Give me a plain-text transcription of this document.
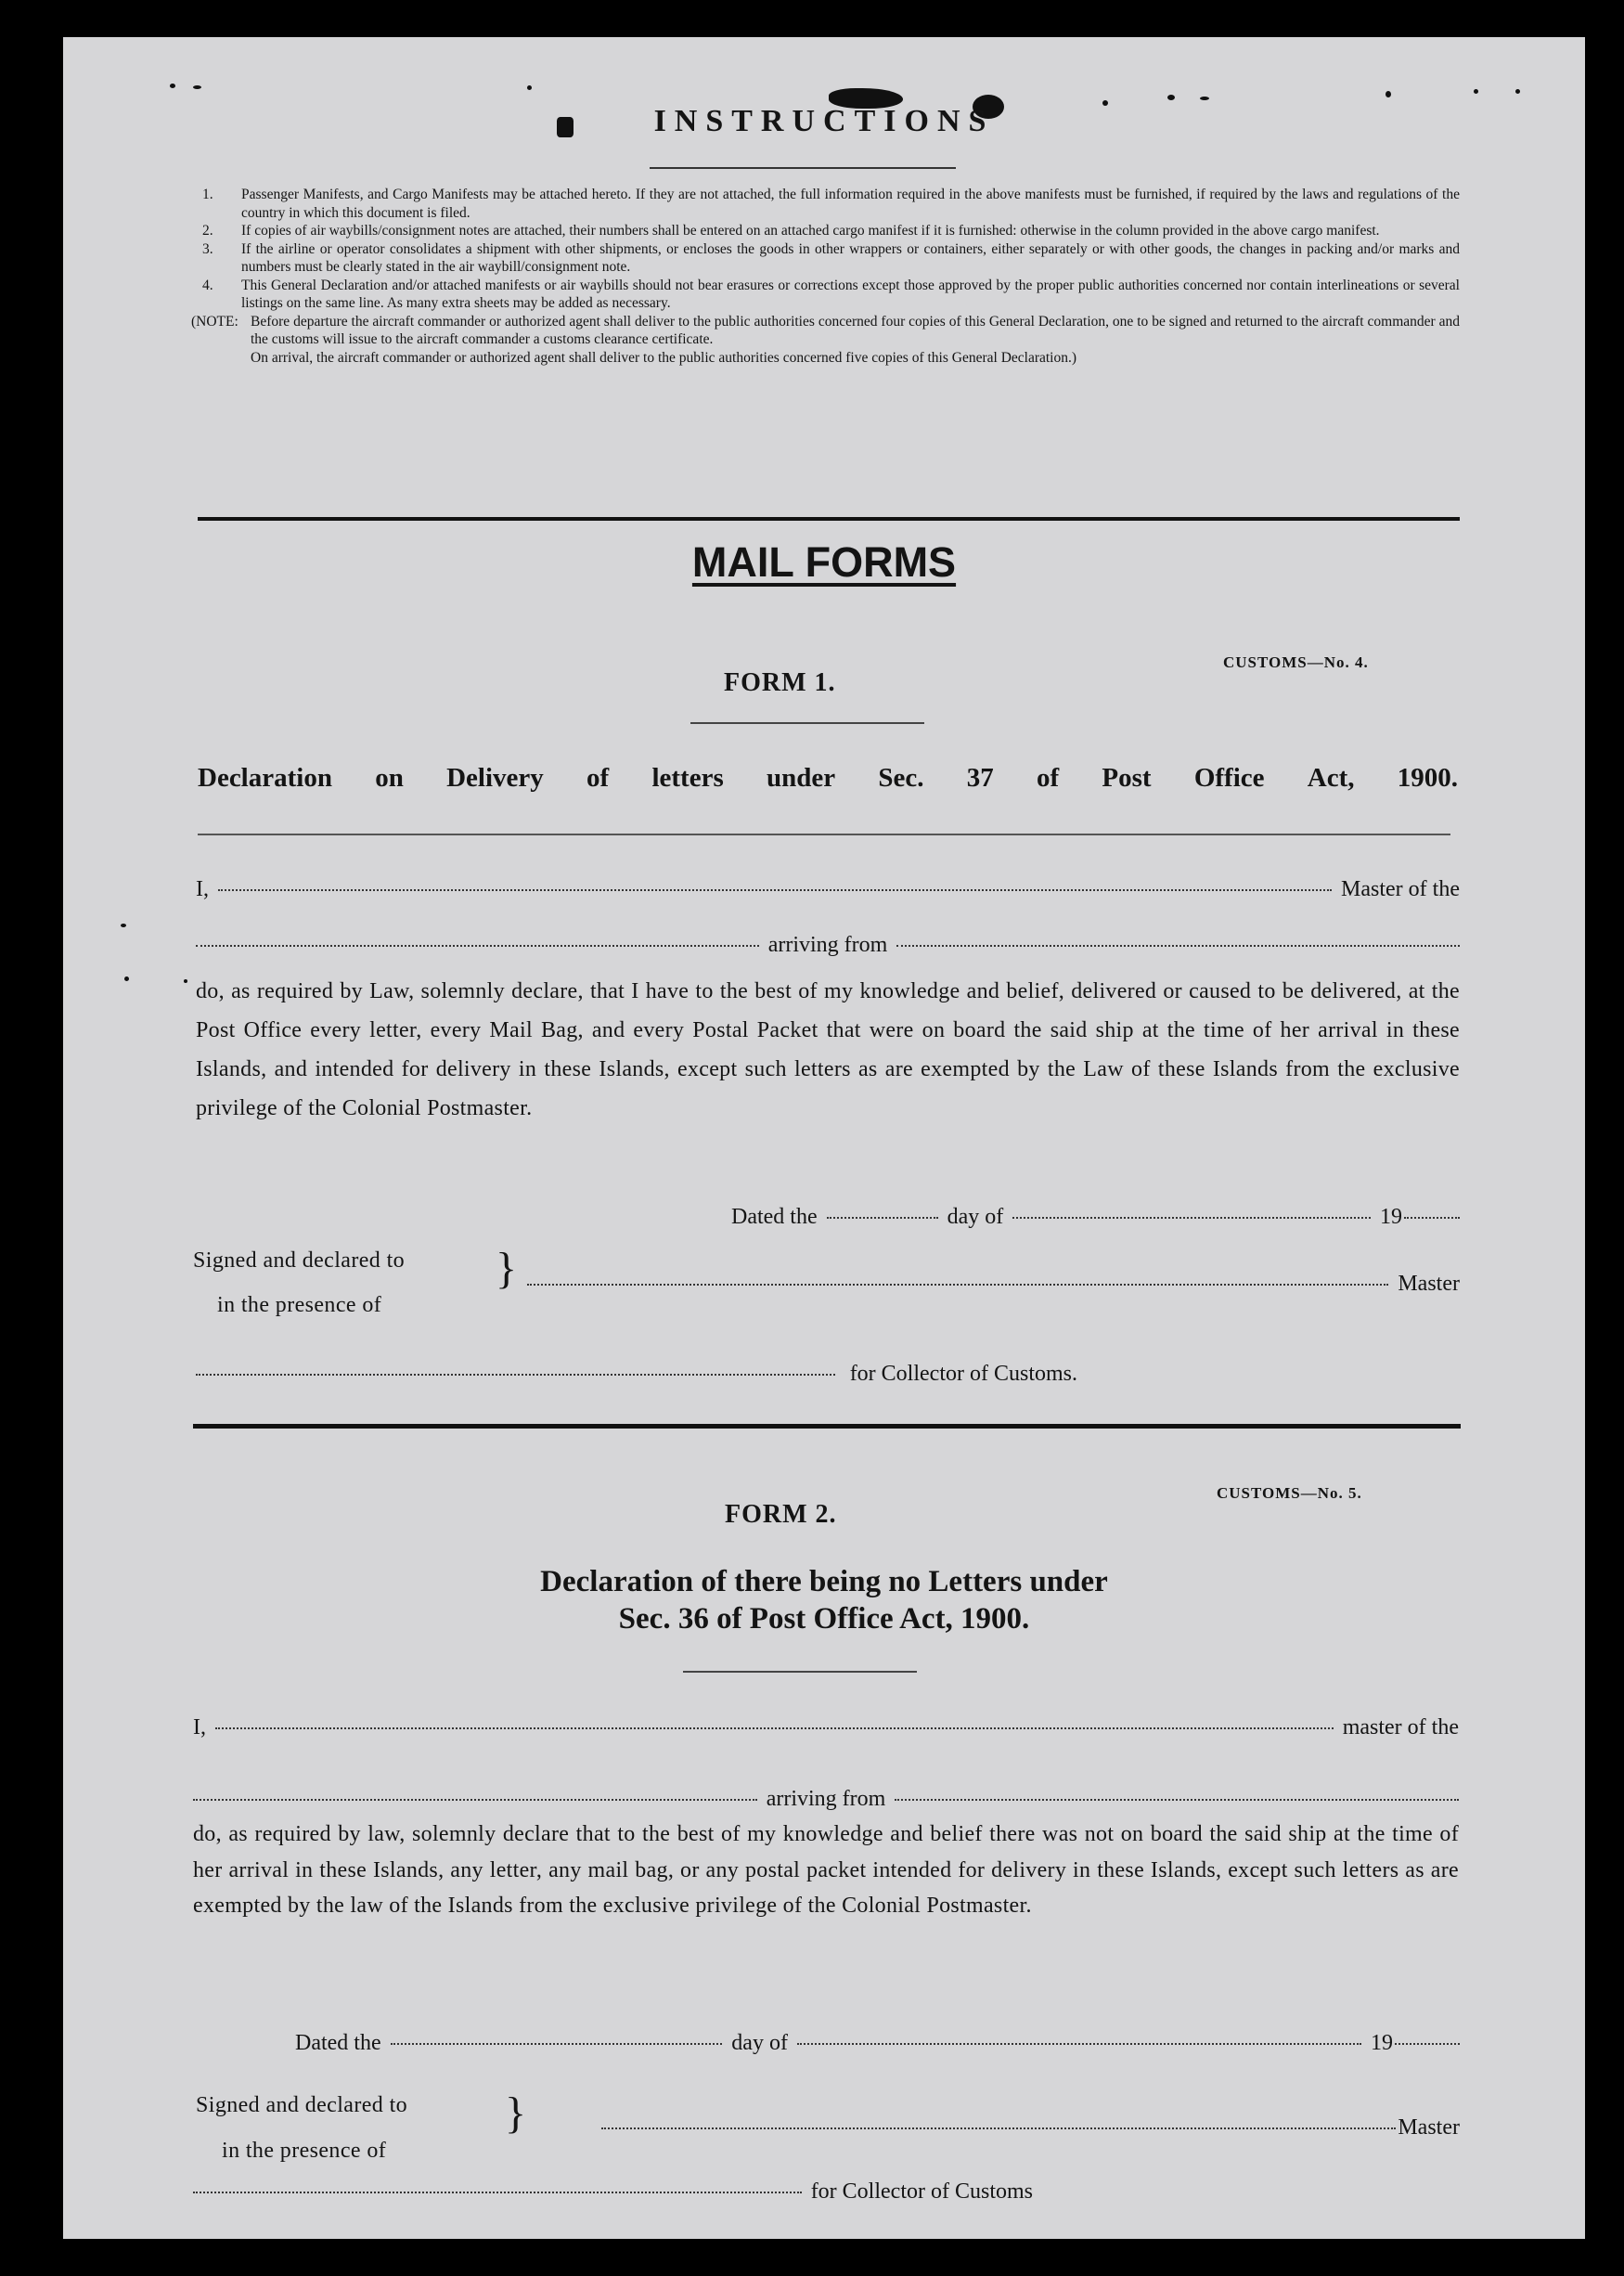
INSTRUCTIONS
1.	Passenger Manifests, and Cargo Manifests may be attached hereto. If they are not attached, the full information required in the above manifests must be furnished, if required by the laws and regulations of the country in which this document is filed.
2.	If copies of air waybills/consignment notes are attached, their numbers shall be entered on an attached cargo manifest if it is furnished: otherwise in the column provided in the above cargo manifest.
3.	If the airline or operator consolidates a shipment with other shipments, or encloses the goods in other wrappers or containers, either separately or with other goods, the changes in packing and/or marks and numbers must be clearly stated in the air waybill/consignment note.
4.	This General Declaration and/or attached manifests or air waybills should not bear erasures or corrections except those approved by the proper public authorities concerned nor contain interlineations or several listings on the same line. As many extra sheets may be added as necessary.
(NOTE: Before departure the aircraft commander or authorized agent shall deliver to the public authorities concerned four copies of this General Declaration, one to be signed and returned to the aircraft commander and the customs will issue to the aircraft commander a customs clearance certificate.
On arrival, the aircraft commander or authorized agent shall deliver to the public authorities concerned five copies of this General Declaration.)
MAIL FORMS
CUSTOMS—No. 4.
FORM 1.
Declaration on Delivery of letters under Sec. 37 of Post Office Act, 1900.
I,	Master of the
arriving from
do, as required by Law, solemnly declare, that I have to the best of my knowledge and belief, delivered or caused to be delivered, at the Post Office every letter, every Mail Bag, and every Postal Packet that were on board the said ship at the time of her arrival in these Islands, and intended for delivery in these Islands, except such letters as are exempted by the Law of these Islands from the exclusive privilege of the Colonial Postmaster.
Dated the	day of	19
Signed and declared to
in the presence of
}	Master
for Collector of Customs.
CUSTOMS—No. 5.
FORM 2.
Declaration of there being no Letters under
Sec. 36 of Post Office Act, 1900.
I,	master of the
arriving from
do, as required by law, solemnly declare that to the best of my knowledge and belief there was not on board the said ship at the time of her arrival in these Islands, any letter, any mail bag, or any postal packet intended for delivery in these Islands, except such letters as are exempted by the law of the Islands from the exclusive privilege of the Colonial Postmaster.
Dated the	day of	19
Signed and declared to
in the presence of
}	Master
for Collector of Customs
